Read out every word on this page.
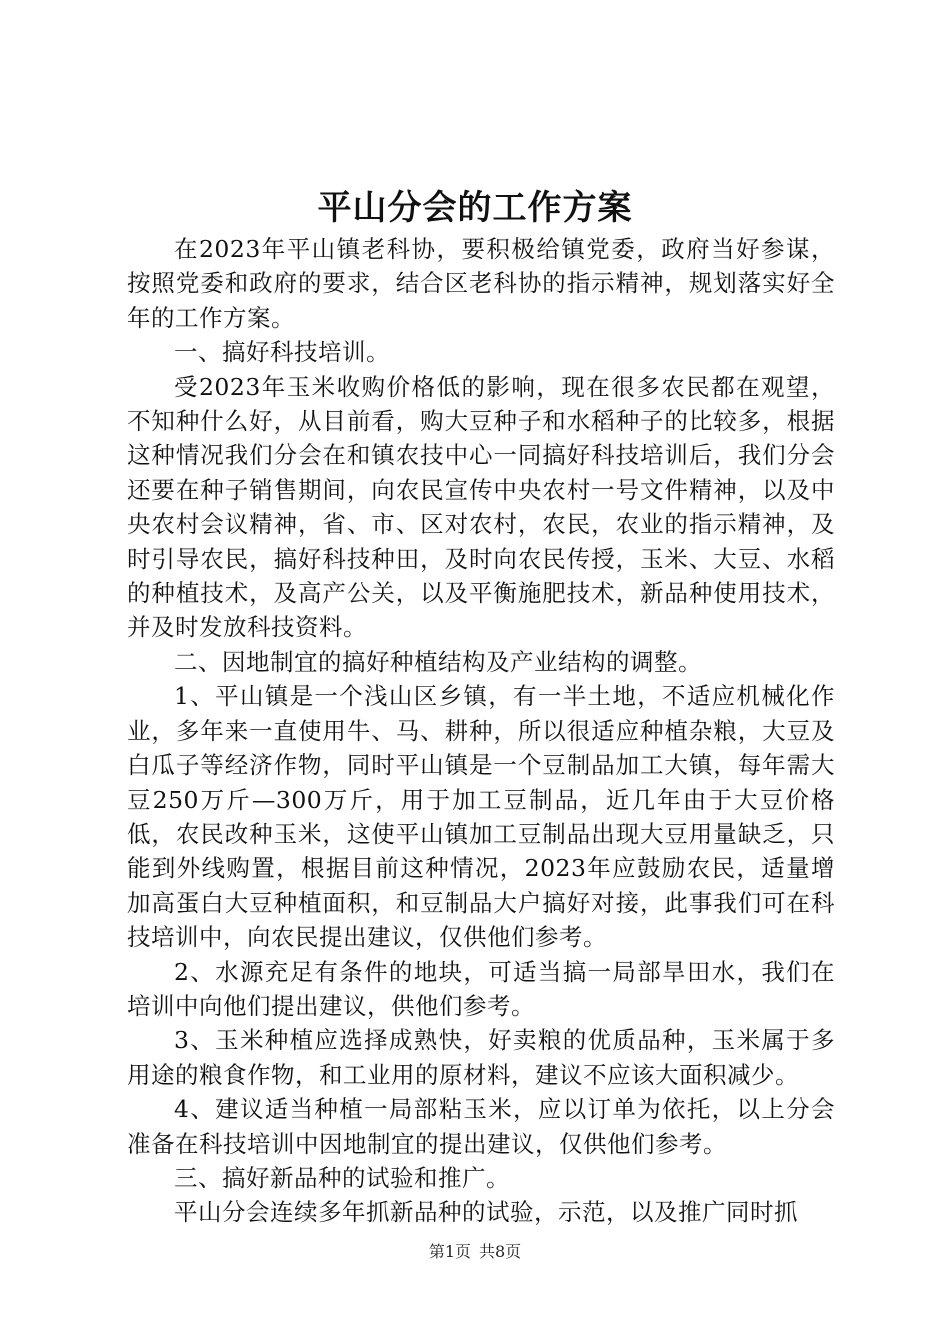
平山分会的工作方案

在2023年平山镇老科协，要积极给镇党委，政府当好参谋，按照党委和政府的要求，结合区老科协的指示精神，规划落实好全年的工作方案。

一、搞好科技培训。

受2023年玉米收购价格低的影响，现在很多农民都在观望，不知种什么好，从目前看，购大豆种子和水稻种子的比较多，根据这种情况我们分会在和镇农技中心一同搞好科技培训后，我们分会还要在种子销售期间，向农民宣传中央农村一号文件精神，以及中央农村会议精神，省、市、区对农村，农民，农业的指示精神，及时引导农民，搞好科技种田，及时向农民传授，玉米、大豆、水稻的种植技术，及高产公关，以及平衡施肥技术，新品种使用技术，并及时发放科技资料。

二、因地制宜的搞好种植结构及产业结构的调整。

1、平山镇是一个浅山区乡镇，有一半土地，不适应机械化作业，多年来一直使用牛、马、耕种，所以很适应种植杂粮，大豆及白瓜子等经济作物，同时平山镇是一个豆制品加工大镇，每年需大豆250万斤—300万斤，用于加工豆制品，近几年由于大豆价格低，农民改种玉米，这使平山镇加工豆制品出现大豆用量缺乏，只能到外线购置，根据目前这种情况，2023年应鼓励农民，适量增加高蛋白大豆种植面积，和豆制品大户搞好对接，此事我们可在科技培训中，向农民提出建议，仅供他们参考。

2、水源充足有条件的地块，可适当搞一局部旱田水，我们在培训中向他们提出建议，供他们参考。

3、玉米种植应选择成熟快，好卖粮的优质品种，玉米属于多用途的粮食作物，和工业用的原材料，建议不应该大面积减少。

4、建议适当种植一局部粘玉米，应以订单为依托，以上分会准备在科技培训中因地制宜的提出建议，仅供他们参考。

三、搞好新品种的试验和推广。

平山分会连续多年抓新品种的试验，示范，以及推广同时抓

第1页 共8页
